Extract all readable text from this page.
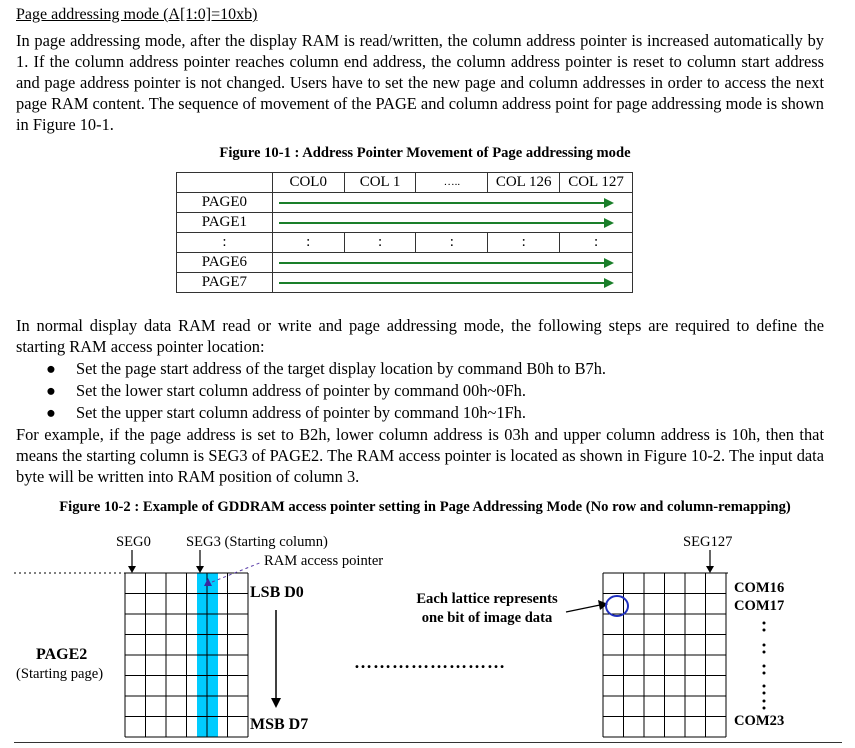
Page addressing mode (A[1:0]=10xb)
In page addressing mode, after the display RAM is read/written, the column address pointer is increased automatically by 1. If the column address pointer reaches column end address, the column address pointer is reset to column start address and page address pointer is not changed. Users have to set the new page and column addresses in order to access the next page RAM content. The sequence of movement of the PAGE and column address point for page addressing mode is shown in Figure 10-1.
Figure 10-1 : Address Pointer Movement of Page addressing mode
	COL0	COL 1	…..	COL 126	COL 127
PAGE0					

PAGE1					

:	:	:	:	:	:
PAGE6					

PAGE7					
In normal display data RAM read or write and page addressing mode, the following steps are required to define the starting RAM access pointer location:
● Set the page start address of the target display location by command B0h to B7h.
● Set the lower start column address of pointer by command 00h~0Fh.
● Set the upper start column address of pointer by command 10h~1Fh.
For example, if the page address is set to B2h, lower column address is 03h and upper column address is 10h, then that means the starting column is SEG3 of PAGE2. The RAM access pointer is located as shown in Figure 10-2. The input data byte will be written into RAM position of column 3.
Figure 10-2 : Example of GDDRAM access pointer setting in Page Addressing Mode (No row and column-remapping)
SEG0 SEG3 (Starting column)	SEG127
RAM access pointer
LSB D0
MSB D7
Each lattice represents
one bit of image data
PAGE2
(Starting page)
COM16
COM17
COM23
……………………
